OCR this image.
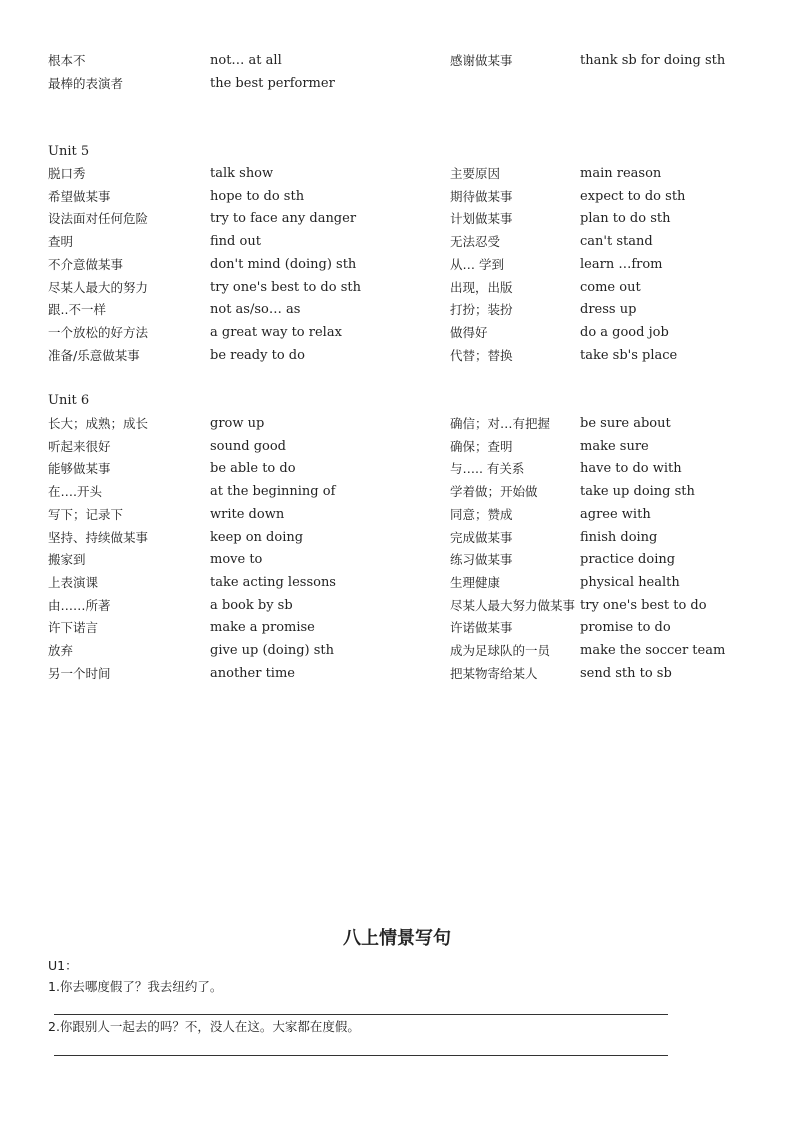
根本不	not… at all	感谢做某事	thank sb for doing sth
最棒的表演者	the best performer
Unit 5
脱口秀	talk show	主要原因	main reason
希望做某事	hope to do sth	期待做某事	expect to do sth
设法面对任何危险	try to face any danger	计划做某事	plan to do sth
查明	find out	无法忍受	can't stand
不介意做某事	don't mind (doing) sth	从… 学到	learn …from
尽某人最大的努力	try one's best to do sth	出现，出版	come out
跟..不一样	not as/so… as	打扮；装扮	dress up
一个放松的好方法	a great way to relax	做得好	do a good job
准备/乐意做某事	be ready to do	代替；替换	take sb's place
Unit 6
长大；成熟；成长	grow up	确信；对…有把握 be sure about
听起来很好	sound good	确保；查明	make sure
能够做某事	be able to do	与….. 有关系	have to do with
在….开头	at the beginning of	学着做；开始做	take up doing sth
写下；记录下	write down	同意；赞成	agree with
坚持、持续做某事	keep on doing	完成做某事	finish doing
搬家到	move to	练习做某事	practice doing
上表演课	take acting lessons	生理健康	physical health
由……所著	a book by sb	尽某人最大努力做某事 try one's best to do
许下诺言	make a promise	许诺做某事	promise to do
放弃	give up (doing) sth	成为足球队的一员 make the soccer team
另一个时间	another time	把某物寄给某人	send sth to sb
八上情景写句
U1：
1.你去哪度假了？我去纽约了。
2.你跟别人一起去的吗？不，没人在这。大家都在度假。
